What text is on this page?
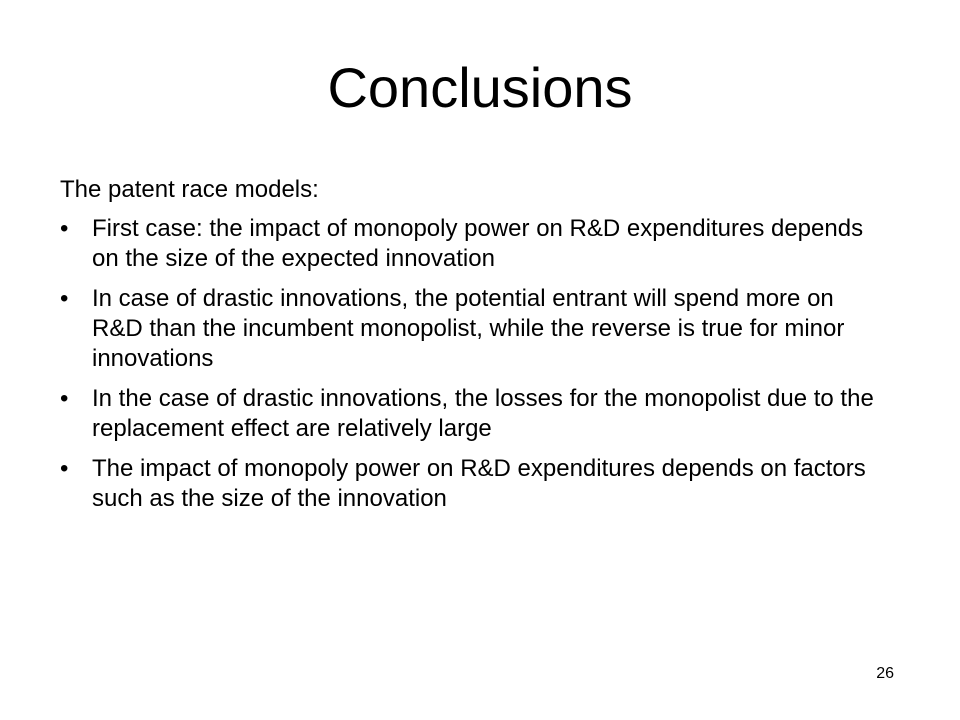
Conclusions

The patent race models:

• First case: the impact of monopoly power on R&D expenditures depends on the size of the expected innovation
• In case of drastic innovations, the potential entrant will spend more on R&D than the incumbent monopolist, while the reverse is true for minor innovations
• In the case of drastic innovations, the losses for the monopolist due to the replacement effect are relatively large
• The impact of monopoly power on R&D expenditures depends on factors such as the size of the innovation
26
